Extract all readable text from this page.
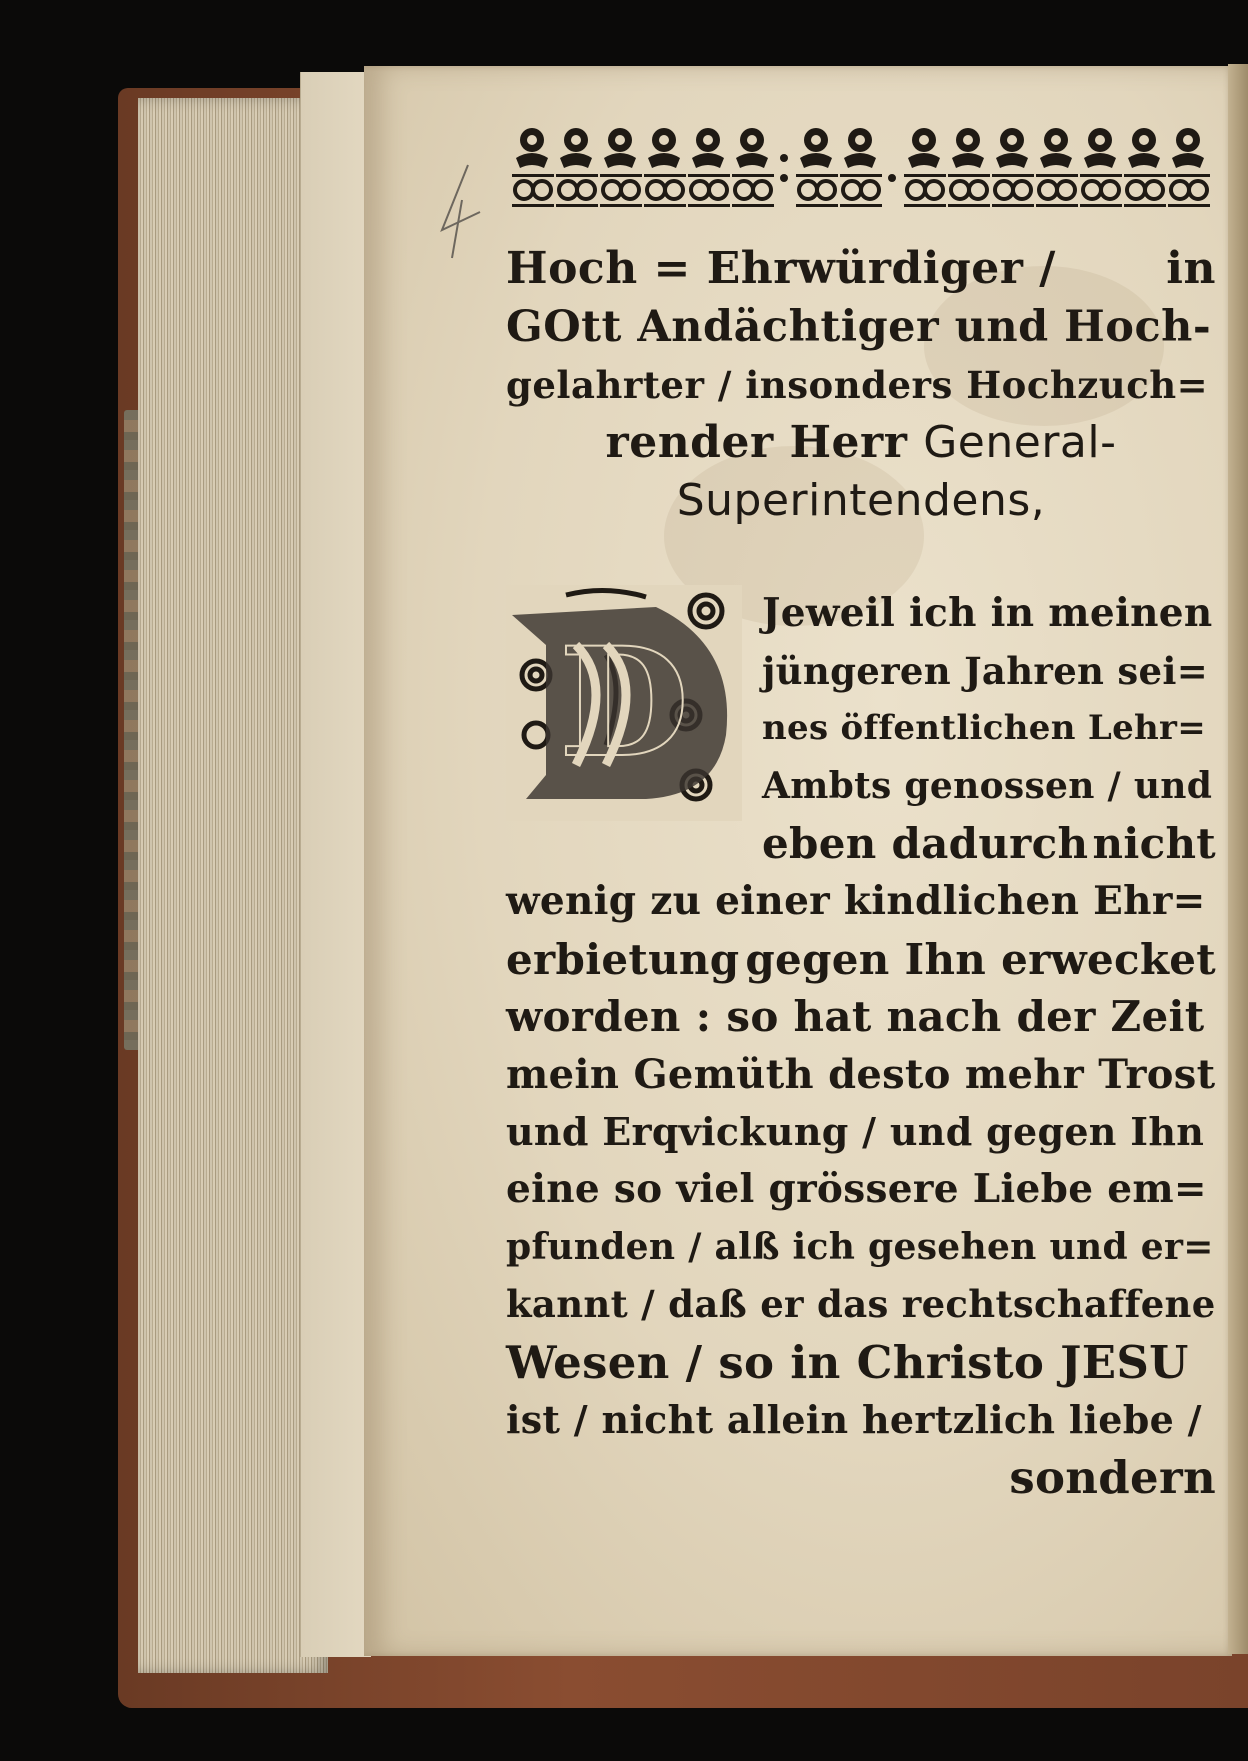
Hoch = Ehrwürdiger /	in
GOtt Andächtiger und Hoch-
gelahrter / insonders Hochzuch=
render Herr General-
Superintendens,
D
Jeweil ich in meinen
jüngeren Jahren sei=
nes öffentlichen Lehr=
Ambts genossen / und
eben dadurch nicht
wenig zu einer kindlichen Ehr=
erbietung gegen Ihn erwecket
worden : so hat nach der Zeit
mein Gemüth desto mehr Trost
und Erqvickung / und gegen Ihn
eine so viel grössere Liebe em=
pfunden / alß ich gesehen und er=
kannt / daß er das rechtschaffene
Wesen / so in Christo JESU
ist / nicht allein hertzlich liebe /
sondern
